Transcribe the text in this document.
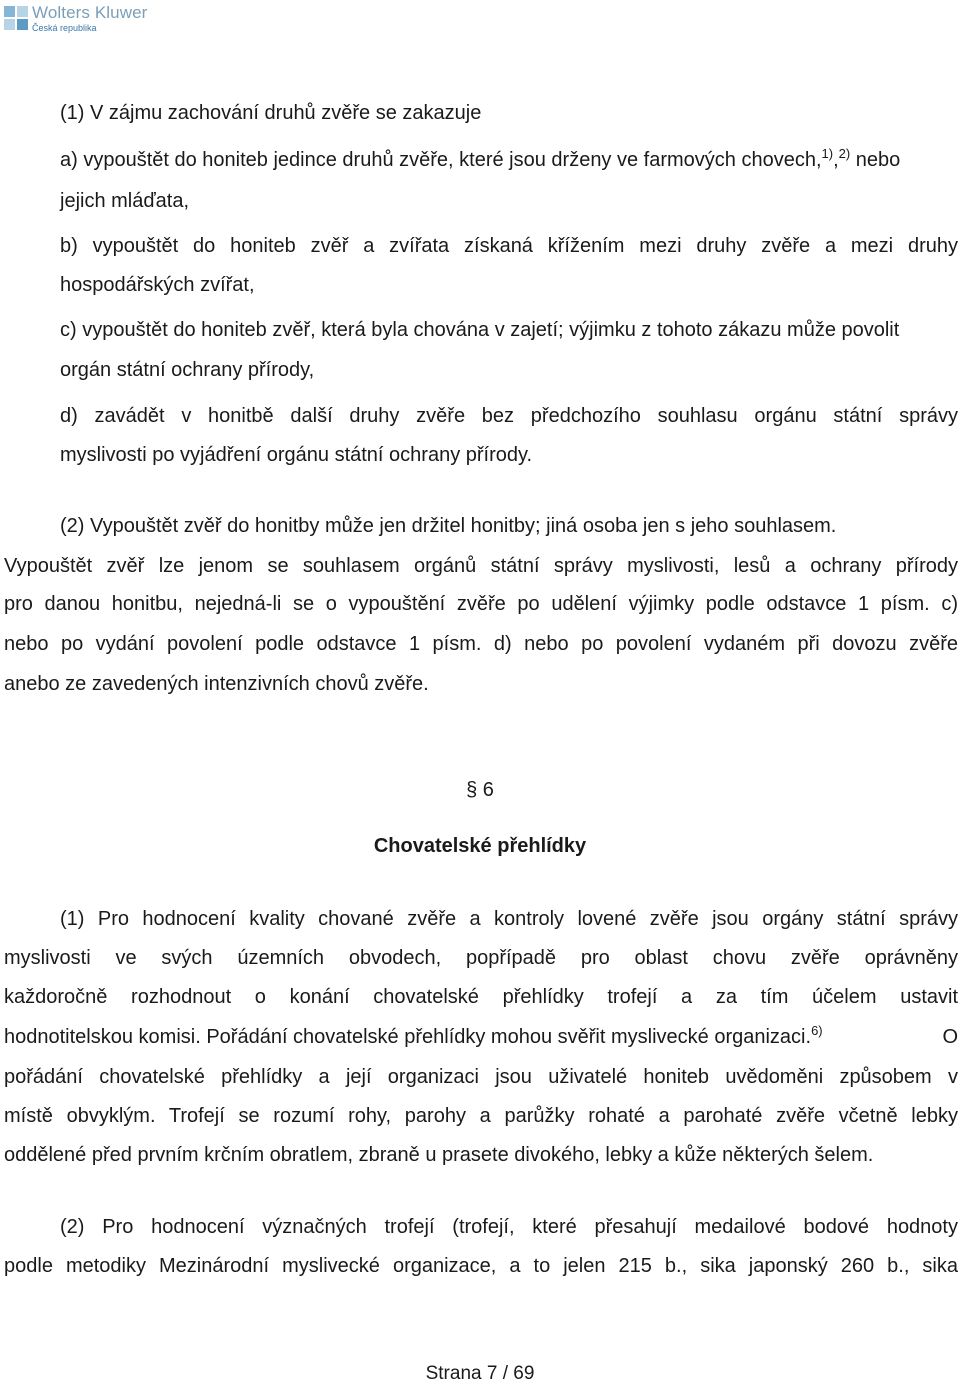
Wolters Kluwer
Česká republika
(1) V zájmu zachování druhů zvěře se zakazuje
a) vypouštět do honiteb jedince druhů zvěře, které jsou drženy ve farmových chovech,$^{1)}$,$^{2)}$ nebo
jejich mláďata,
b) vypouštět do honiteb zvěř a zvířata získaná křížením mezi druhy zvěře a mezi druhy
hospodářských zvířat,
c) vypouštět do honiteb zvěř, která byla chována v zajetí; výjimku z tohoto zákazu může povolit
orgán státní ochrany přírody,
d) zavádět v honitbě další druhy zvěře bez předchozího souhlasu orgánu státní správy
myslivosti po vyjádření orgánu státní ochrany přírody.
(2) Vypouštět zvěř do honitby může jen držitel honitby; jiná osoba jen s jeho souhlasem.
Vypouštět zvěř lze jenom se souhlasem orgánů státní správy myslivosti, lesů a ochrany přírody
pro danou honitbu, nejedná-li se o vypouštění zvěře po udělení výjimky podle odstavce 1 písm. c)
nebo po vydání povolení podle odstavce 1 písm. d) nebo po povolení vydaném při dovozu zvěře
anebo ze zavedených intenzivních chovů zvěře.
§ 6
Chovatelské přehlídky
(1) Pro hodnocení kvality chované zvěře a kontroly lovené zvěře jsou orgány státní správy
myslivosti ve svých územních obvodech, popřípadě pro oblast chovu zvěře oprávněny
každoročně rozhodnout o konání chovatelské přehlídky trofejí a za tím účelem ustavit
hodnotitelskou komisi. Pořádání chovatelské přehlídky mohou svěřit myslivecké organizaci.$^{6)}$	O
pořádání chovatelské přehlídky a její organizaci jsou uživatelé honiteb uvědoměni způsobem v
místě obvyklým. Trofejí se rozumí rohy, parohy a parůžky rohaté a parohaté zvěře včetně lebky
oddělené před prvním krčním obratlem, zbraně u prasete divokého, lebky a kůže některých šelem.
(2) Pro hodnocení význačných trofejí (trofejí, které přesahují medailové bodové hodnoty
podle metodiky Mezinárodní myslivecké organizace, a to jelen 215 b., sika japonský 260 b., sika
Strana 7 / 69
